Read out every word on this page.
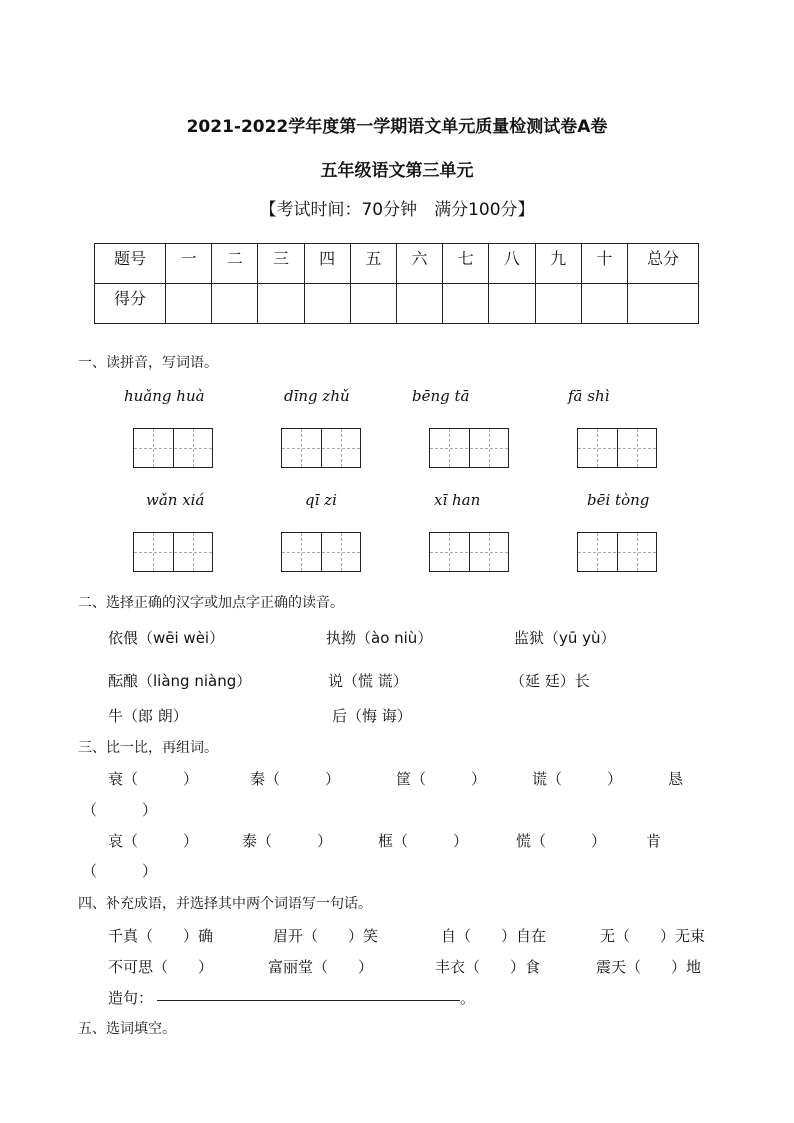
2021-2022学年度第一学期语文单元质量检测试卷A卷
五年级语文第三单元
【考试时间：70分钟　满分100分】
题号	一	二	三	四	五	六	七	八	九	十	总分
得分											
一、读拼音，写词语。
huǎng huà	dīng zhǔ	bēng tā	fā shì
wǎn xiá	qī zi	xī han	bēi tòng
二、选择正确的汉字或加点字正确的读音。
依偎（wēi wèi）	执拗（ào niù）	监狱（yū yù）
酝酿（liàng niàng）	说（慌 谎）	（延 廷）长
牛（郎 朗）	后（悔 诲）
三、比一比，再组词。
衰（　　　）	秦（　　　）	筐（　　　）	谎（　　　）	恳
（　　　）
哀（　　　）	泰（　　　）	框（　　　）	慌（　　　）	肯
（　　　）
四、补充成语，并选择其中两个词语写一句话。
千真（　　）确	眉开（　　）笑	自（　　）自在	无（　　）无束
不可思（　　）	富丽堂（　　）	丰衣（　　）食	震天（　　）地
造句：	。
五、选词填空。
